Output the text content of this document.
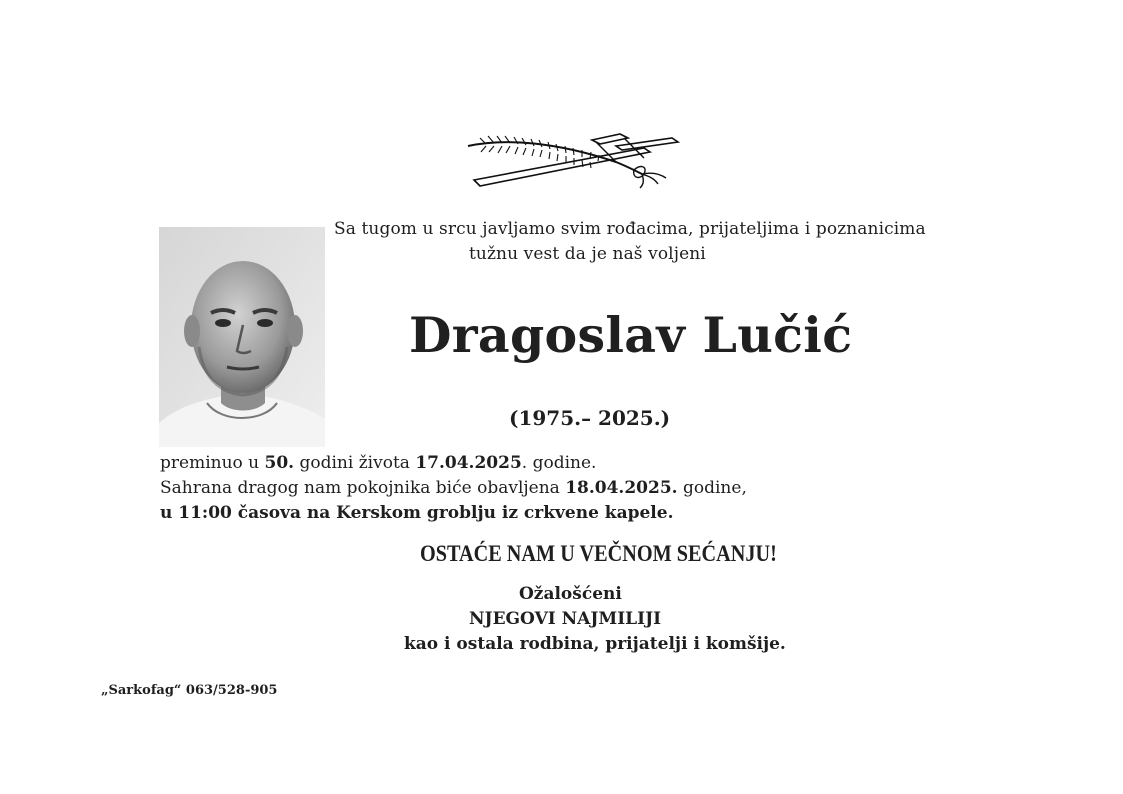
Sa tugom u srcu javljamo svim rođacima, prijateljima i poznanicima
tužnu vest da je naš voljeni
Dragoslav Lučić
(1975.– 2025.)
preminuo u 50. godini života 17.04.2025. godine.
Sahrana dragog nam pokojnika biće obavljena 18.04.2025. godine,
u 11:00 časova na Kerskom groblju iz crkvene kapele.
OSTAĆE NAM U VEČNOM SEĆANJU!
Ožalošćeni
NJEGOVI NAJMILIJI
kao i ostala rodbina, prijatelji i komšije.
„Sarkofag“ 063/528-905
